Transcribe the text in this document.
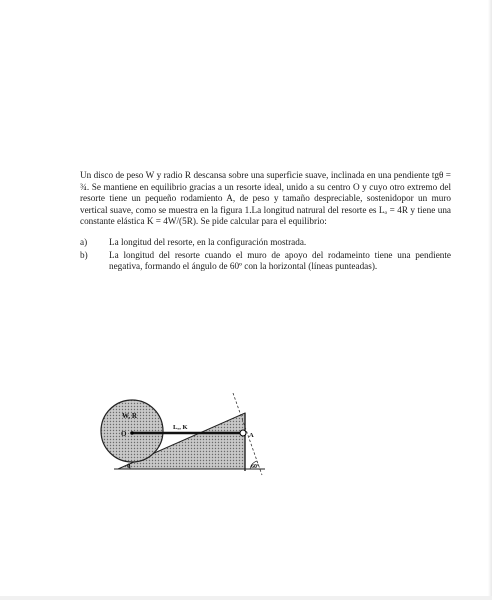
Un disco de peso W y radio R descansa sobre una superficie suave, inclinada en una pendiente tgθ = ¾. Se mantiene en equilibrio gracias a un resorte ideal, unido a su centro O y cuyo otro extremo del resorte tiene un pequeño rodamiento A, de peso y tamaño despreciable, sostenidopor un muro vertical suave, como se muestra en la figura 1.La longitud natrural del resorte es Lₒ = 4R y tiene una constante elástica K = 4W/(5R). Se pide calcular para el equilibrio:

a) La longitud del resorte, en la configuración mostrada.
b) La longitud del resorte cuando el muro de apoyo del rodameinto tiene una pendiente negativa, formando el ángulo de 60º con la horizontal (líneas punteadas).
W, R
O
Lₒ, K
A
θ	60º
